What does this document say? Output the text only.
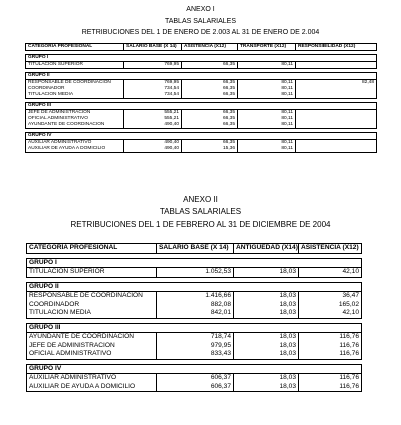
ANEXO I
TABLAS SALARIALES
RETRIBUCIONES DEL 1 DE ENERO DE 2.003 AL 31 DE ENERO DE 2.004
CATEGORÍA PROFESIONAL	SALARIO BASE (X 14)	ASISTENCIA (X12)	TRANSPORTE (X12)	RESPONSIBILIDAD (X12)

GRUPO I				
TITULACIÓN SUPERIOR	769,95	66,35	80,11	

GRUPO II				
RESPONSABLE DE COORDINACIÓN	769,95	66,35	80,11	82,48
COORDINADOR	734,54	66,35	80,11	
TITULACIÓN MEDIA	734,54	66,35	80,11	

GRUPO III				
JEFE DE ADMINISTRACIÓN	555,21	66,35	80,11	
OFICIAL ADMINISTRATIVO	555,21	66,35	80,11	
AYUNDANTE DE COORDINACIÓN	490,40	66,35	80,11	

GRUPO IV				
AUXILIAR ADMINISTRATIVO	490,40	66,35	80,11	
AUXILIAR DE AYUDA A DOMICILIO	490,40	15,36	80,11	
ANEXO II
TABLAS SALARIALES
RETRIBUCIONES DEL 1 DE FEBRERO AL 31 DE DICIEMBRE DE 2004
CATEGORÍA PROFESIONAL	SALARIO BASE (X 14)	ANTIGÜEDAD (X14)	ASISTENCIA (X12)

GRUPO I			
TITULACIÓN SUPERIOR	1.052,53	18,03	42,10

GRUPO II			
RESPONSABLE DE COORDINACIÓN	1.416,66	18,03	36,47
COORDINADOR	882,08	18,03	165,02
TITULACIÓN MEDIA	842,01	18,03	42,10

GRUPO III			
AYUNDANTE DE COORDINACIÓN	718,74	18,03	116,76
JEFE DE ADMINISTRACIÓN	979,95	18,03	116,76
OFICIAL ADMINISTRATIVO	833,43	18,03	116,76

GRUPO IV			
AUXILIAR ADMINISTRATIVO	606,37	18,03	116,76
AUXILIAR DE AYUDA A DOMICILIO	606,37	18,03	116,76
